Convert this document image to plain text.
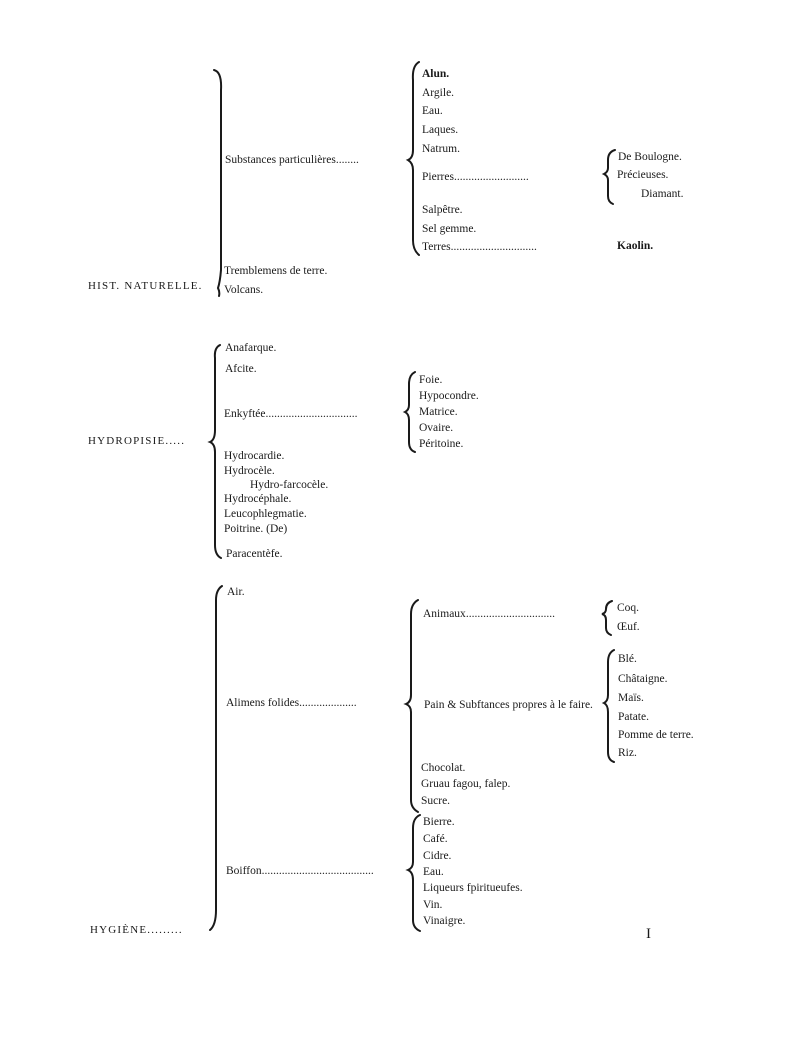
HIST. NATURELLE.
Substances particulières........
Alun.
Argile.
Eau.
Laques.
Natrum.
Pierres..........................
Salpêtre.
Sel gemme.
Terres..............................
De Boulogne.
Précieuses.
Diamant.
Kaolin.
Tremblemens de terre.
Volcans.
HYDROPISIE.....
Anafarque.
Afcite.
Enkyftée................................
Foie.
Hypocondre.
Matrice.
Ovaire.
Péritoine.
Hydrocardie.
Hydrocèle.
Hydro-farcocèle.
Hydrocéphale.
Leucophlegmatie.
Poitrine. (De)
Paracentèfe.
HYGIÈNE.........
Air.
Alimens folides....................
Animaux...............................	Coq.
Œuf.
Pain & Subftances propres à le faire.
Blé.
Châtaigne.
Maïs.
Patate.
Pomme de terre.
Riz.
Chocolat.
Gruau fagou, falep.
Sucre.
Boiffon.......................................
Bierre.
Café.
Cidre.
Eau.
Liqueurs fpiritueufes.
Vin.
Vinaigre.
I
